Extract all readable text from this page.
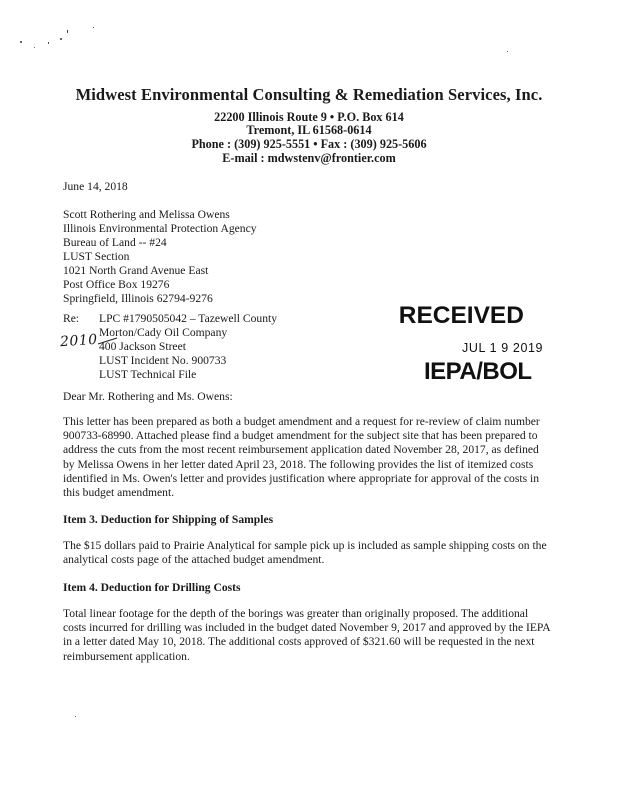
Midwest Environmental Consulting & Remediation Services, Inc.
22200 Illinois Route 9 • P.O. Box 614
Tremont, IL 61568-0614
Phone : (309) 925-5551 • Fax : (309) 925-5606
E-mail : mdwstenv@frontier.com
June 14, 2018
Scott Rothering and Melissa Owens
Illinois Environmental Protection Agency
Bureau of Land -- #24
LUST Section
1021 North Grand Avenue East
Post Office Box 19276
Springfield, Illinois 62794-9276
Re: LPC #1790505042 – Tazewell County
Morton/Cady Oil Company
400 Jackson Street
2010
LUST Incident No. 900733
LUST Technical File
RECEIVED
JUL 1 9 2019
IEPA/BOL
Dear Mr. Rothering and Ms. Owens:
This letter has been prepared as both a budget amendment and a request for re-review of claim number 900733-68990. Attached please find a budget amendment for the subject site that has been prepared to address the cuts from the most recent reimbursement application dated November 28, 2017, as defined by Melissa Owens in her letter dated April 23, 2018. The following provides the list of itemized costs identified in Ms. Owen's letter and provides justification where appropriate for approval of the costs in this budget amendment.
Item 3. Deduction for Shipping of Samples
The $15 dollars paid to Prairie Analytical for sample pick up is included as sample shipping costs on the analytical costs page of the attached budget amendment.
Item 4. Deduction for Drilling Costs
Total linear footage for the depth of the borings was greater than originally proposed. The additional costs incurred for drilling was included in the budget dated November 9, 2017 and approved by the IEPA in a letter dated May 10, 2018. The additional costs approved of $321.60 will be requested in the next reimbursement application.
